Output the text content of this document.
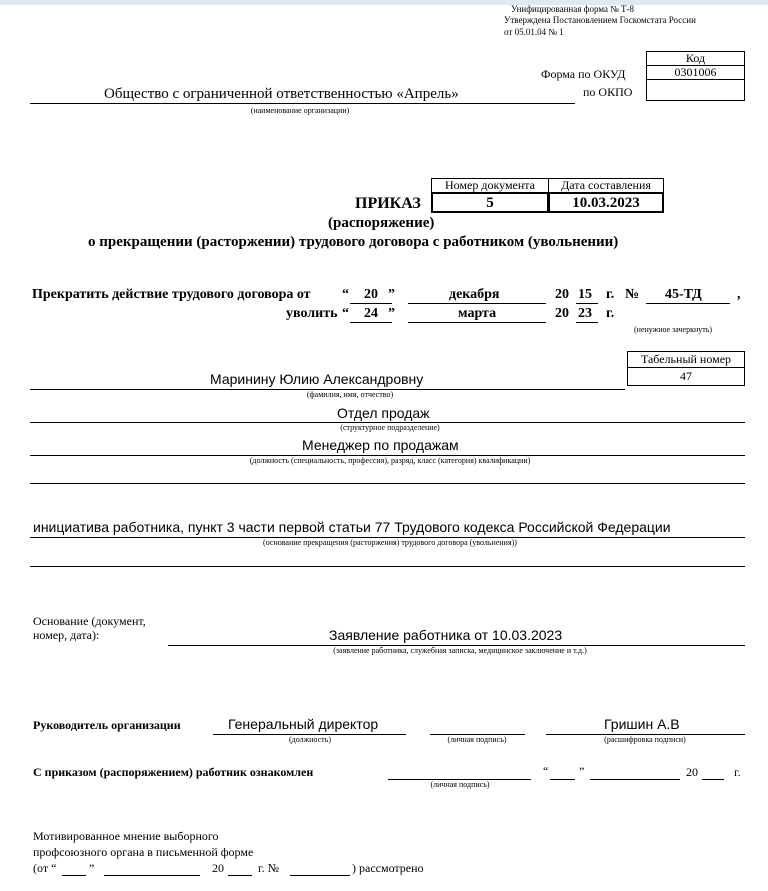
Унифицированная форма № Т-8
Утверждена Постановлением Госкомстата России
от 05.01.04 № 1
Код
0301006

Форма по ОКУД
по ОКПО
Общество с ограниченной ответственностью «Апрель»
(наименование организации)
Номер документа	Дата составления
5	10.03.2023
ПРИКАЗ
(распоряжение)
о прекращении (расторжении) трудового договора с работником (увольнении)
Прекратить действие трудового договора от “ 20 ”	декабря	20 15 г. № 45-ТД	,
уволить “ 24 ”	марта	20 23 г.
(ненужное зачеркнуть)
Табельный номер
47
Маринину Юлию Александровну
(фамилия, имя, отчество)
Отдел продаж
(структурное подразделение)
Менеджер по продажам
(должность (специальность, профессия), разряд, класс (категория) квалификации)
инициатива работника, пункт 3 части первой статьи 77 Трудового кодекса Российской Федерации
(основание прекращения (расторжения) трудового договора (увольнения))
Основание (документ,
номер, дата):	Заявление работника от 10.03.2023
(заявление работника, служебная записка, медицинское заключение и т.д.)
Руководитель организации	Генеральный директор
(должность)	(личная подпись)
Гришин А.В
(расшифровка подписи)
С приказом (распоряжением) работник ознакомлен
(личная подпись)
“	”	20	г.
Мотивированное мнение выборного
профсоюзного органа в письменной форме
(от “	”	20	г. №	) рассмотрено
